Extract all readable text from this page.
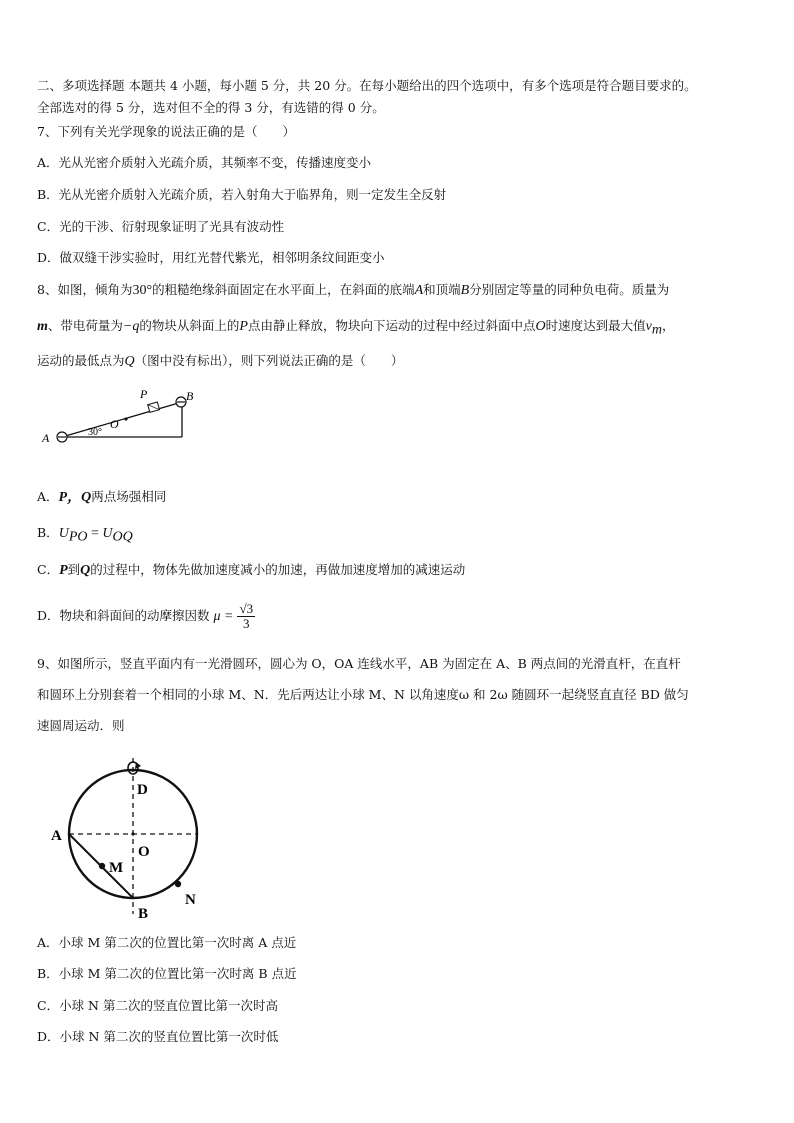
二、多项选择题 本题共 4 小题，每小题 5 分，共 20 分。在每小题给出的四个选项中，有多个选项是符合题目要求的。
全部选对的得 5 分，选对但不全的得 3 分，有选错的得 0 分。
7、下列有关光学现象的说法正确的是（　　）
A．光从光密介质射入光疏介质，其频率不变，传播速度变小
B．光从光密介质射入光疏介质，若入射角大于临界角，则一定发生全反射
C．光的干涉、衍射现象证明了光具有波动性
D．做双缝干涉实验时，用红光替代紫光，相邻明条纹间距变小
8、如图，倾角为30°的粗糙绝缘斜面固定在水平面上，在斜面的底端A和顶端B分别固定等量的同种负电荷。质量为
m、带电荷量为−q的物块从斜面上的P点由静止释放，物块向下运动的过程中经过斜面中点O时速度达到最大值$v_m$，
运动的最低点为Q（图中没有标出），则下列说法正确的是（　　）
P
O
B
A	30°
A．P，Q两点场强相同
B．$U_{PO} = U_{OQ}$
C．P到Q的过程中，物体先做加速度减小的加速，再做加速度增加的减速运动
D．物块和斜面间的动摩擦因数 $\mu = \frac{√3}{3}$
9、如图所示，竖直平面内有一光滑圆环，圆心为 O，OA 连线水平，AB 为固定在 A、B 两点间的光滑直杆，在直杆
和圆环上分别套着一个相同的小球 M、N．先后两达让小球 M、N 以角速度ω 和 2ω 随圆环一起绕竖直直径 BD 做匀
速圆周运动．则
D
A
O
M
N
B
A．小球 M 第二次的位置比第一次时离 A 点近
B．小球 M 第二次的位置比第一次时离 B 点近
C．小球 N 第二次的竖直位置比第一次时高
D．小球 N 第二次的竖直位置比第一次时低
